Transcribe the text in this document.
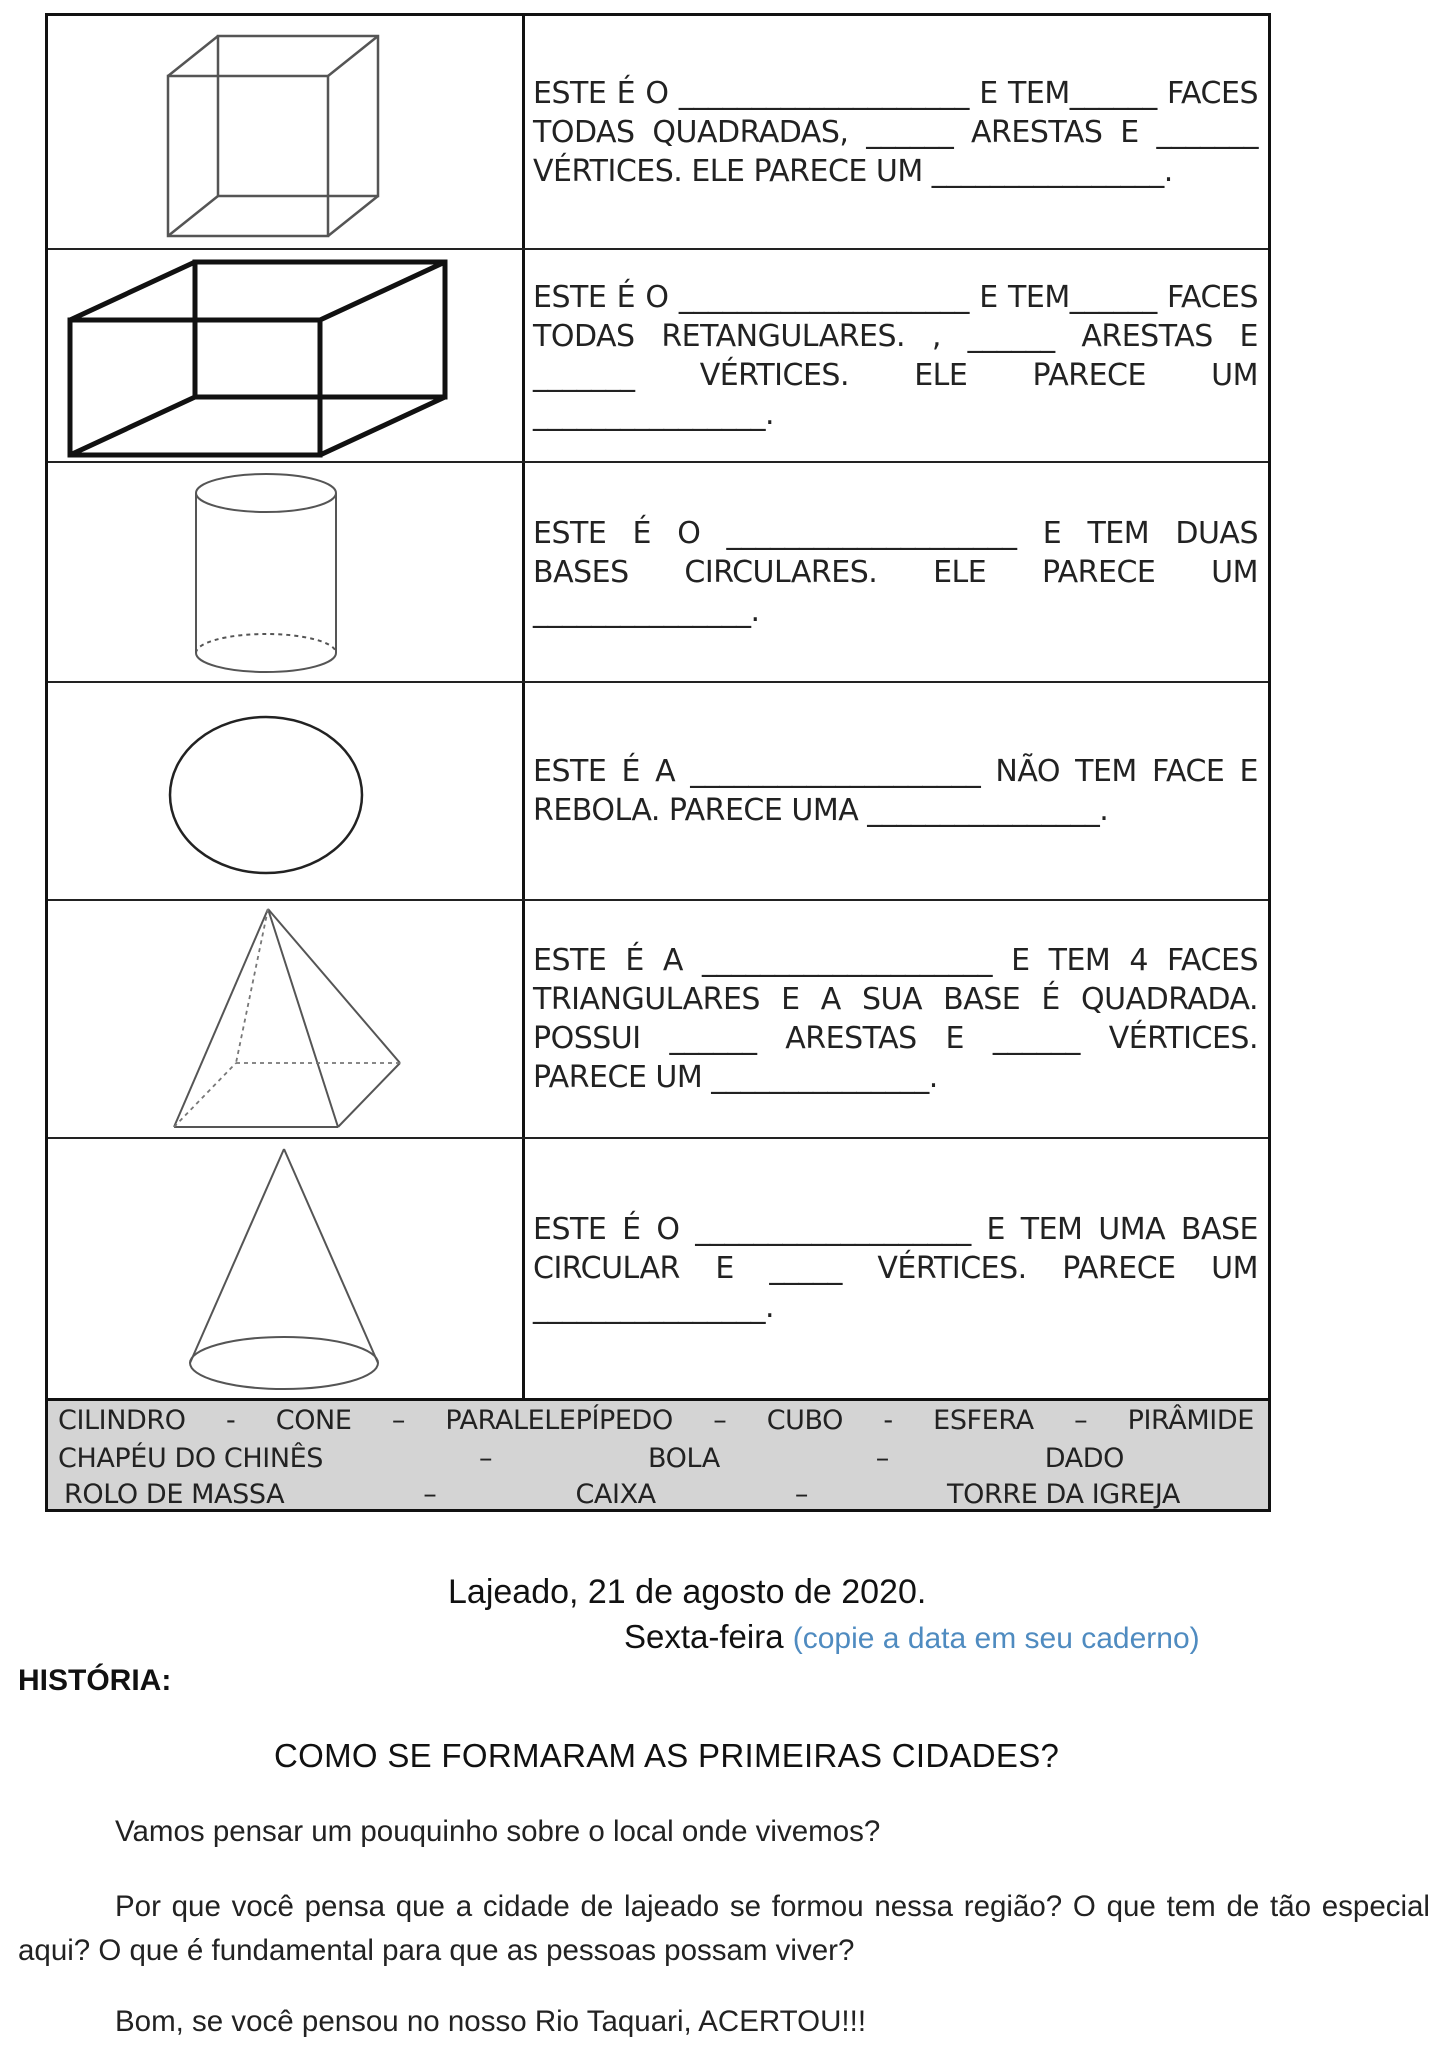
ESTE É O ____________________ E TEM______ FACES TODAS QUADRADAS, ______ ARESTAS E _______ VÉRTICES. ELE PARECE UM ________________.

ESTE É O ____________________ E TEM______ FACES TODAS RETANGULARES. , ______ ARESTAS E _______ VÉRTICES. ELE PARECE UM ________________.

ESTE É O ____________________ E TEM DUAS BASES CIRCULARES. ELE PARECE UM _______________.

ESTE É A ____________________ NÃO TEM FACE E REBOLA. PARECE UMA ________________.

ESTE É A ____________________ E TEM 4 FACES TRIANGULARES E A SUA BASE É QUADRADA. POSSUI ______ ARESTAS E ______ VÉRTICES. PARECE UM _______________.

ESTE É O ___________________ E TEM UMA BASE CIRCULAR E _____ VÉRTICES. PARECE UM ________________.

CILINDRO - CONE – PARALELEPÍPEDO – CUBO - ESFERA – PIRÂMIDE
CHAPÉU DO CHINÊS	–	BOLA	–	DADO
ROLO DE MASSA	–	CAIXA	–	TORRE DA IGREJA
Lajeado, 21 de agosto de 2020.
Sexta-feira (copie a data em seu caderno)
HISTÓRIA:
COMO SE FORMARAM AS PRIMEIRAS CIDADES?

Vamos pensar um pouquinho sobre o local onde vivemos?

Por que você pensa que a cidade de lajeado se formou nessa região? O que tem de tão especial aqui? O que é fundamental para que as pessoas possam viver?

Bom, se você pensou no nosso Rio Taquari, ACERTOU!!!
